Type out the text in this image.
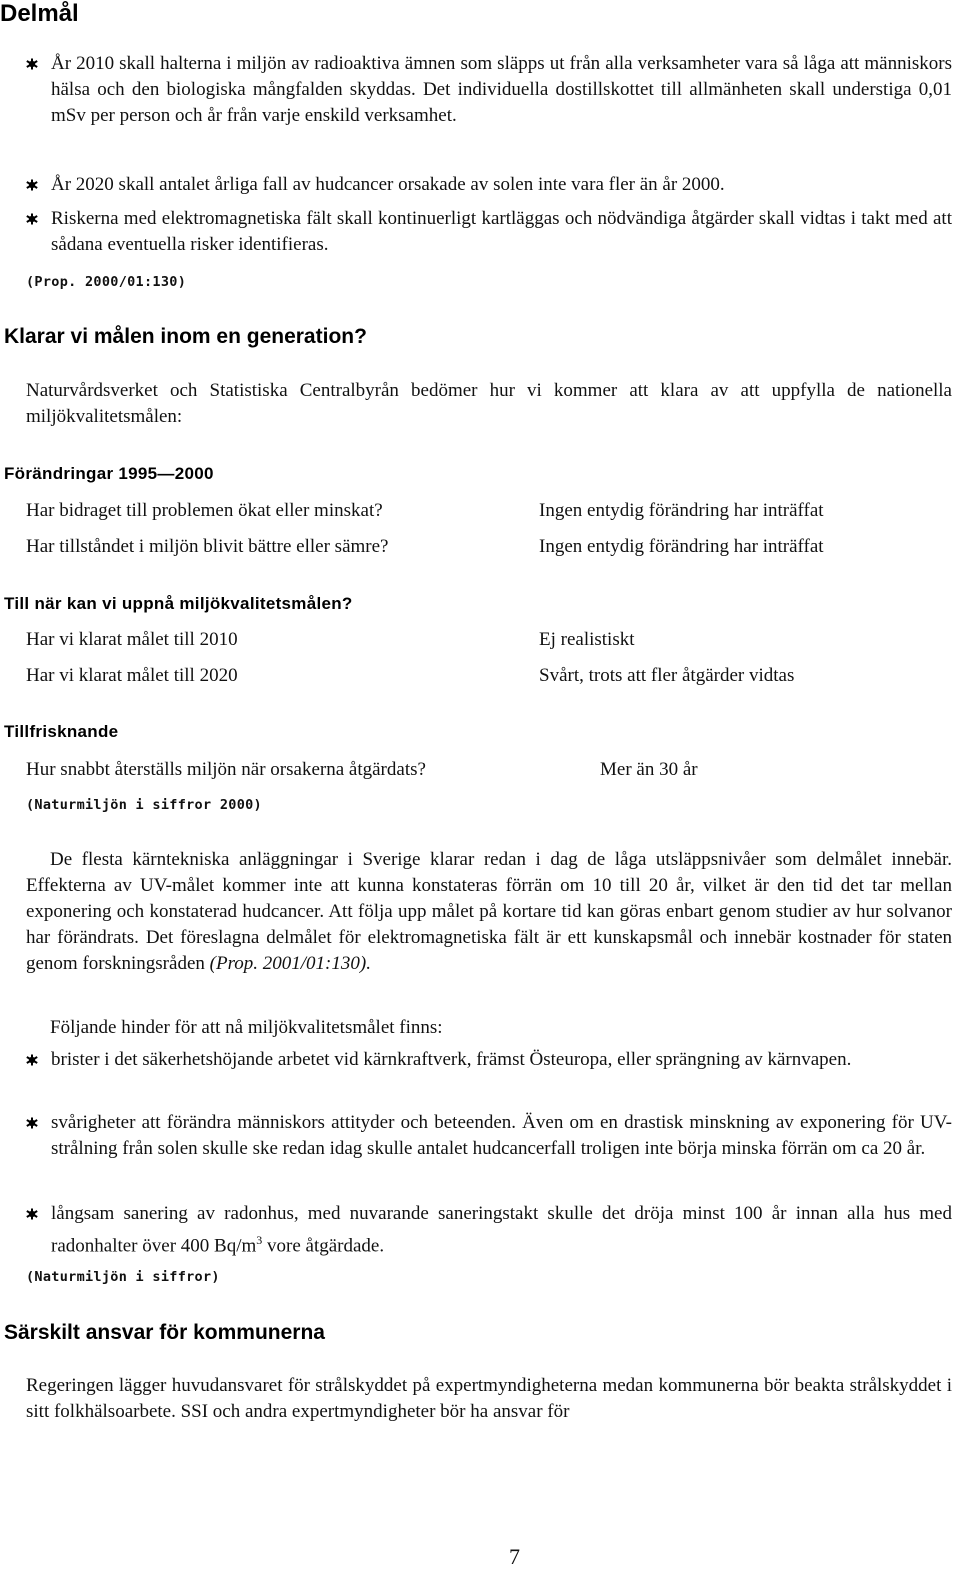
Delmål
År 2010 skall halterna i miljön av radioaktiva ämnen som släpps ut från alla verksamheter vara så låga att människors hälsa och den biologiska mångfalden skyddas. Det individuella dostillskottet till allmänheten skall understiga 0,01 mSv per person och år från varje enskild verksamhet.
År 2020 skall antalet årliga fall av hudcancer orsakade av solen inte vara fler än år 2000.
Riskerna med elektromagnetiska fält skall kontinuerligt kartläggas och nödvändiga åtgärder skall vidtas i takt med att sådana eventuella risker identifieras.
(Prop. 2000/01:130)
Klarar vi målen inom en generation?
Naturvårdsverket och Statistiska Centralbyrån bedömer hur vi kommer att klara av att uppfylla de nationella miljökvalitetsmålen:
Förändringar 1995—2000
Har bidraget till problemen ökat eller minskat?	Ingen entydig förändring har inträffat
Har tillståndet i miljön blivit bättre eller sämre?	Ingen entydig förändring har inträffat
Till när kan vi uppnå miljökvalitetsmålen?
Har vi klarat målet till 2010	Ej realistiskt
Har vi klarat målet till 2020	Svårt, trots att fler åtgärder vidtas
Tillfrisknande
Hur snabbt återställs miljön när orsakerna åtgärdats?	Mer än 30 år
(Naturmiljön i siffror 2000)
De flesta kärntekniska anläggningar i Sverige klarar redan i dag de låga utsläppsnivåer som delmålet innebär. Effekterna av UV-målet kommer inte att kunna konstateras förrän om 10 till 20 år, vilket är den tid det tar mellan exponering och konstaterad hudcancer. Att följa upp målet på kortare tid kan göras enbart genom studier av hur solvanor har förändrats. Det föreslagna delmålet för elektromagnetiska fält är ett kunskapsmål och innebär kostnader för staten genom forskningsråden (Prop. 2001/01:130).
Följande hinder för att nå miljökvalitetsmålet finns:
brister i det säkerhetshöjande arbetet vid kärnkraftverk, främst Östeuropa, eller sprängning av kärnvapen.
svårigheter att förändra människors attityder och beteenden. Även om en drastisk minskning av exponering för UV-strålning från solen skulle ske redan idag skulle antalet hudcancerfall troligen inte börja minska förrän om ca 20 år.
långsam sanering av radonhus, med nuvarande saneringstakt skulle det dröja minst 100 år innan alla hus med radonhalter över 400 $Bq/m^3$ vore åtgärdade.
(Naturmiljön i siffror)
Särskilt ansvar för kommunerna
Regeringen lägger huvudansvaret för strålskyddet på expertmyndigheterna medan kommunerna bör beakta strålskyddet i sitt folkhälsoarbete. SSI och andra expertmyndigheter bör ha ansvar för
7
